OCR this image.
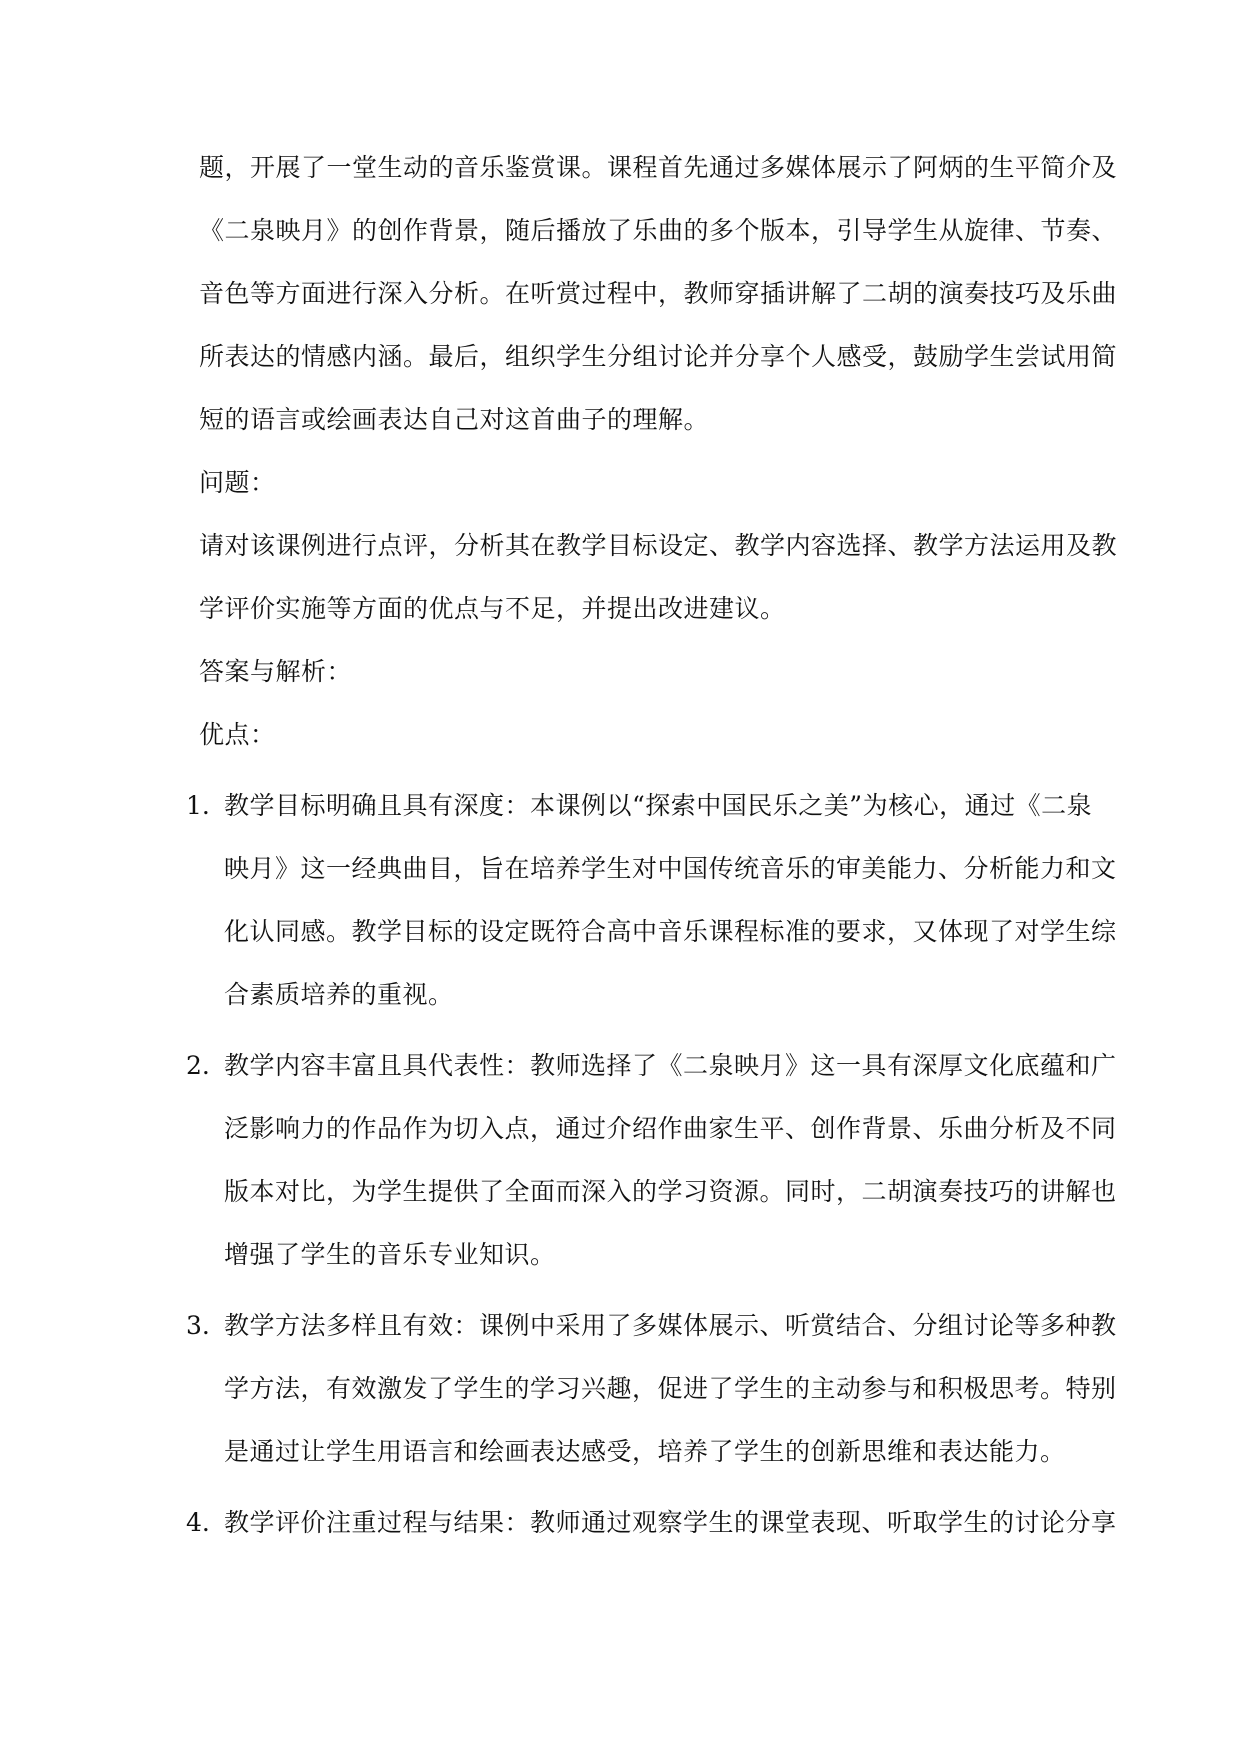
题，开展了一堂生动的音乐鉴赏课。课程首先通过多媒体展示了阿炳的生平简介及
《二泉映月》的创作背景，随后播放了乐曲的多个版本，引导学生从旋律、节奏、
音色等方面进行深入分析。在听赏过程中，教师穿插讲解了二胡的演奏技巧及乐曲
所表达的情感内涵。最后，组织学生分组讨论并分享个人感受，鼓励学生尝试用简
短的语言或绘画表达自己对这首曲子的理解。
问题：
请对该课例进行点评，分析其在教学目标设定、教学内容选择、教学方法运用及教
学评价实施等方面的优点与不足，并提出改进建议。
答案与解析：
优点：
1. 教学目标明确且具有深度：本课例以“探索中国民乐之美”为核心，通过《二泉
映月》这一经典曲目，旨在培养学生对中国传统音乐的审美能力、分析能力和文
化认同感。教学目标的设定既符合高中音乐课程标准的要求，又体现了对学生综
合素质培养的重视。
2. 教学内容丰富且具代表性：教师选择了《二泉映月》这一具有深厚文化底蕴和广
泛影响力的作品作为切入点，通过介绍作曲家生平、创作背景、乐曲分析及不同
版本对比，为学生提供了全面而深入的学习资源。同时，二胡演奏技巧的讲解也
增强了学生的音乐专业知识。
3. 教学方法多样且有效：课例中采用了多媒体展示、听赏结合、分组讨论等多种教
学方法，有效激发了学生的学习兴趣，促进了学生的主动参与和积极思考。特别
是通过让学生用语言和绘画表达感受，培养了学生的创新思维和表达能力。
4. 教学评价注重过程与结果：教师通过观察学生的课堂表现、听取学生的讨论分享
